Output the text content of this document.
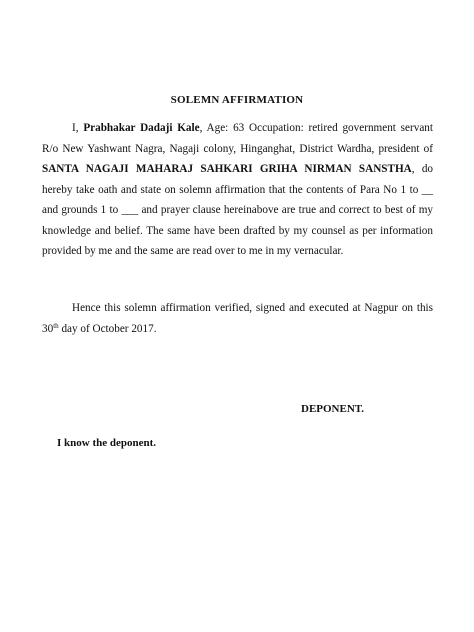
SOLEMN AFFIRMATION
I, Prabhakar Dadaji Kale, Age: 63 Occupation: retired government servant R/o New Yashwant Nagra, Nagaji colony, Hinganghat, District Wardha, president of SANTA NAGAJI MAHARAJ SAHKARI GRIHA NIRMAN SANSTHA, do hereby take oath and state on solemn affirmation that the contents of Para No 1 to __ and grounds 1 to ___ and prayer clause hereinabove are true and correct to best of my knowledge and belief. The same have been drafted by my counsel as per information provided by me and the same are read over to me in my vernacular.
Hence this solemn affirmation verified, signed and executed at Nagpur on this 30th day of October 2017.
DEPONENT.
I know the deponent.
